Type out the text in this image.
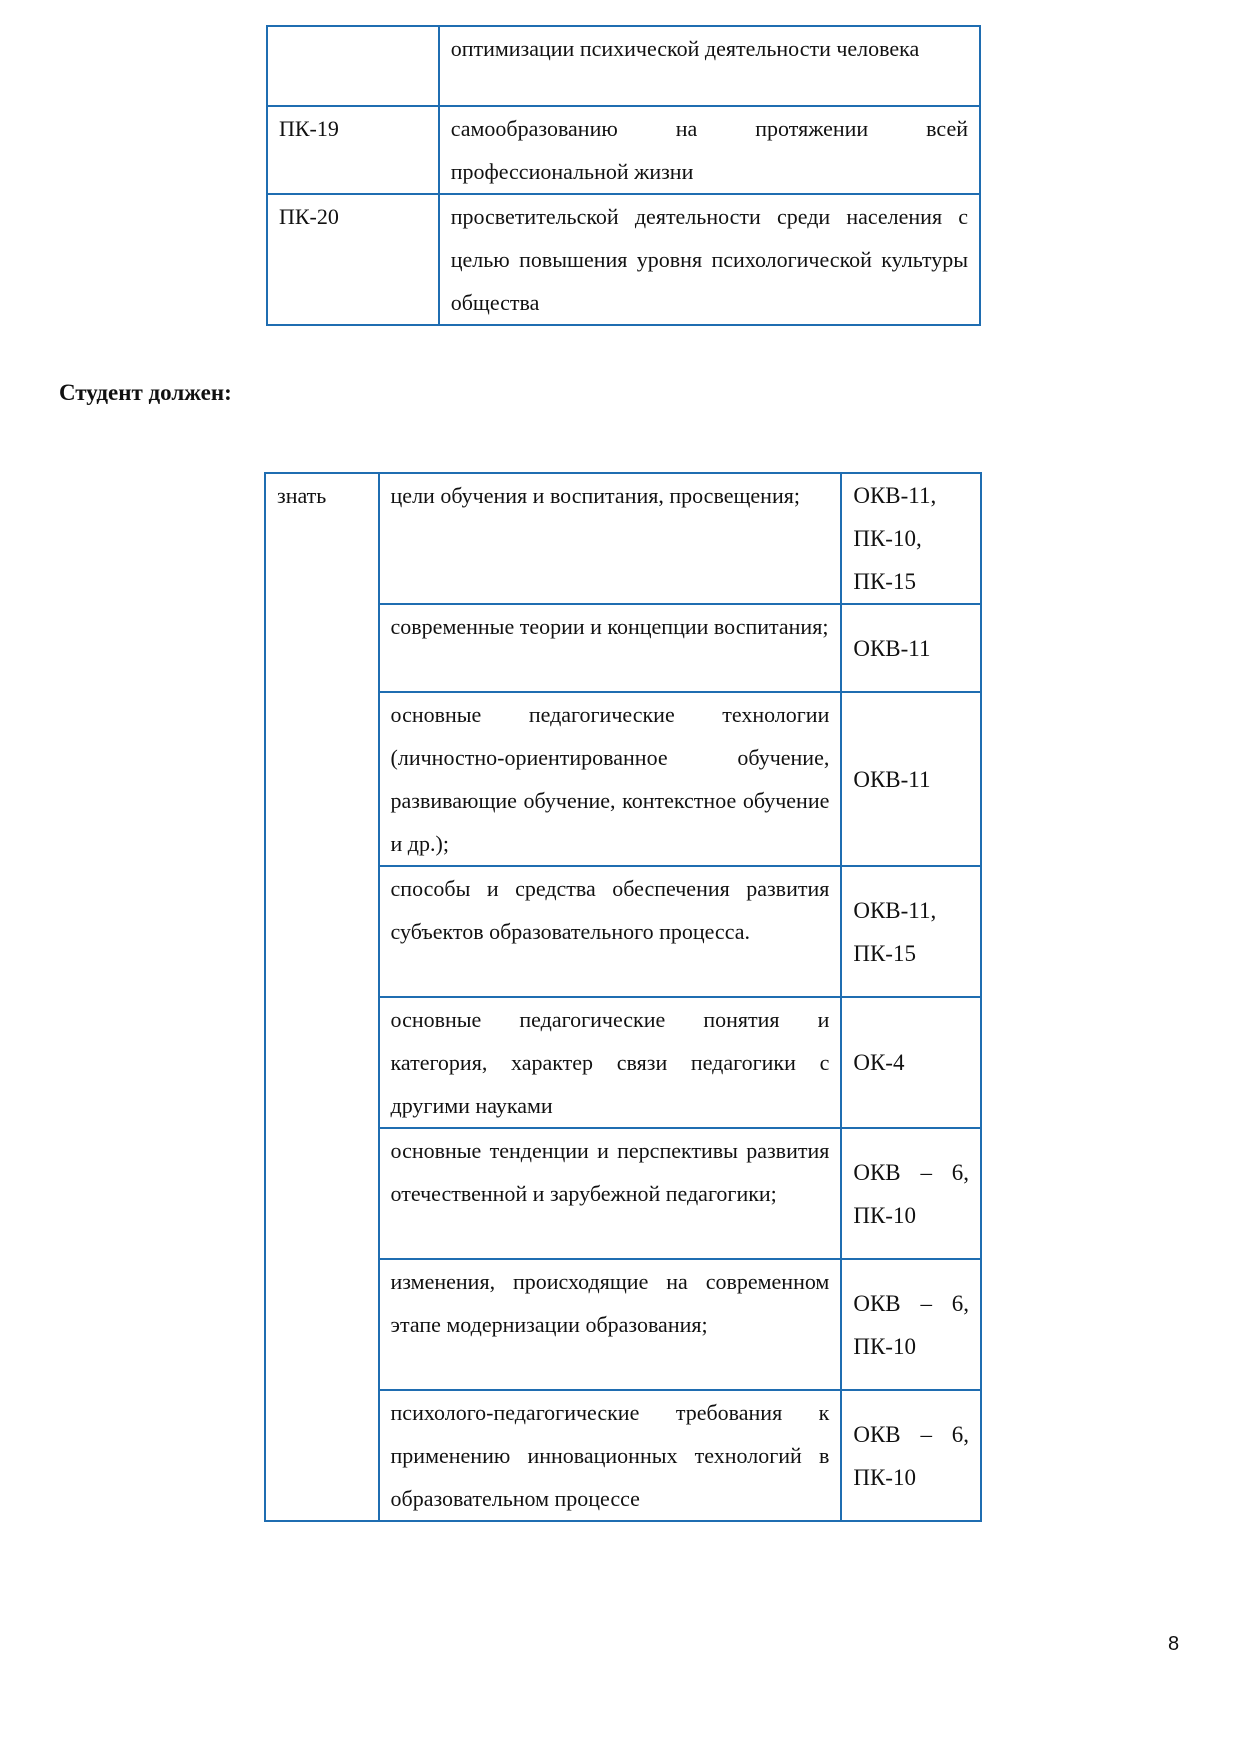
	оптимизации психической деятельности человека
ПК-19	самообразованию на протяжении всей профессиональной жизни
ПК-20	просветительской деятельности среди населения с целью повышения уровня психологической культуры общества

Студент должен:

знать	цели обучения и воспитания, просвещения;	ОКВ-11, ПК-10, ПК-15
	современные теории и концепции воспитания;	ОКВ-11
	основные педагогические технологии (личностно-ориентированное обучение, развивающие обучение, контекстное обучение и др.);	ОКВ-11
	способы и средства обеспечения развития субъектов образовательного процесса.	ОКВ-11, ПК-15
	основные педагогические понятия и категория, характер связи педагогики с другими науками	ОК-4
	основные тенденции и перспективы развития отечественной и зарубежной педагогики;	ОКВ – 6, ПК-10
	изменения, происходящие на современном этапе модернизации образования;	ОКВ – 6, ПК-10
	психолого-педагогические требования к применению инновационных технологий в образовательном процессе	ОКВ – 6, ПК-10

8
